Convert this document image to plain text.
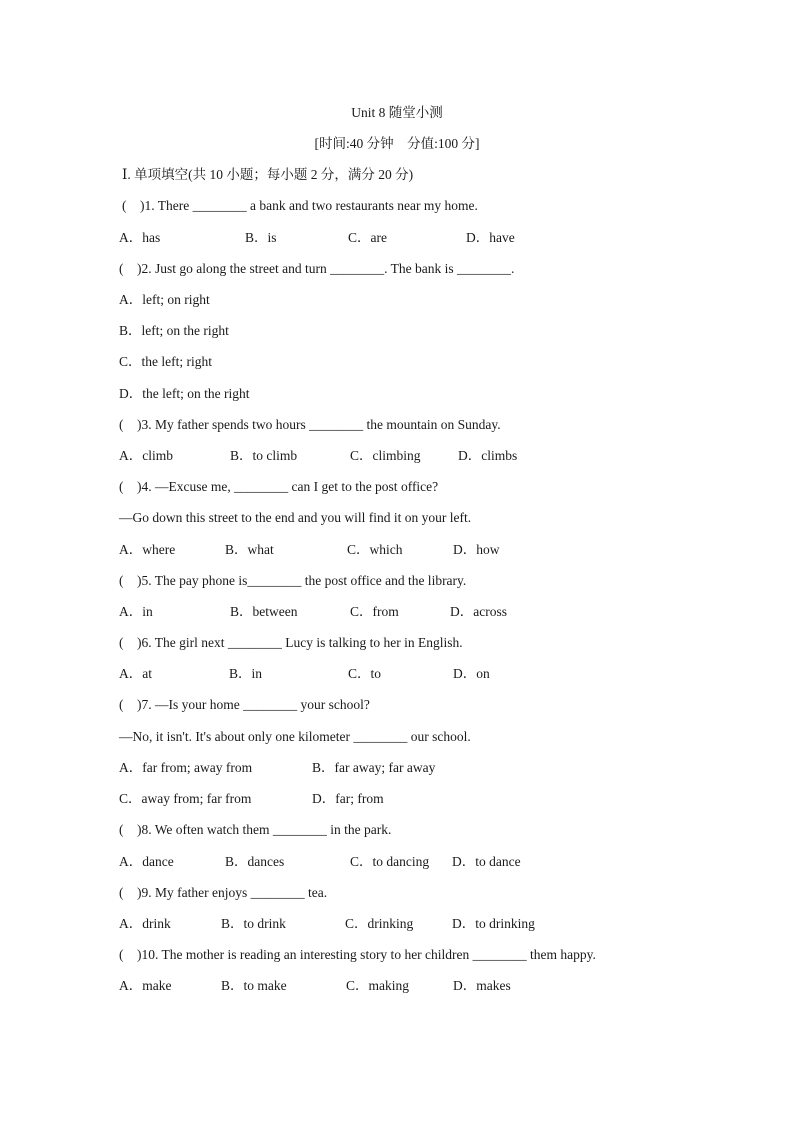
Unit 8 随堂小测
[时间:40 分钟　分值:100 分]
Ⅰ. 单项填空(共 10 小题；每小题 2 分，满分 20 分)
(　)1. There ________ a bank and two restaurants near my home.
A．has	B．is	C．are	D．have
(　)2. Just go along the street and turn ________. The bank is ________.
A．left; on right
B．left; on the right
C．the left; right
D．the left; on the right
(　)3. My father spends two hours ________ the mountain on Sunday.
A．climb	B．to climb	C．climbing	D．climbs
(　)4. —Excuse me, ________ can I get to the post office?
—Go down this street to the end and you will find it on your left.
A．where	B．what	C．which	D．how
(　)5. The pay phone is________ the post office and the library.
A．in	B．between	C．from	D．across
(　)6. The girl next ________ Lucy is talking to her in English.
A．at	B．in	C．to	D．on
(　)7. —Is your home ________ your school?
—No, it isn't. It's about only one kilometer ________ our school.
A．far from; away from	B．far away; far away
C．away from; far from	D．far; from
(　)8. We often watch them ________ in the park.
A．dance	B．dances	C．to dancing D．to dance
(　)9. My father enjoys ________ tea.
A．drink	B．to drink	C．drinking	D．to drinking
(　)10. The mother is reading an interesting story to her children ________ them happy.
A．make	B．to make	C．making	D．makes
